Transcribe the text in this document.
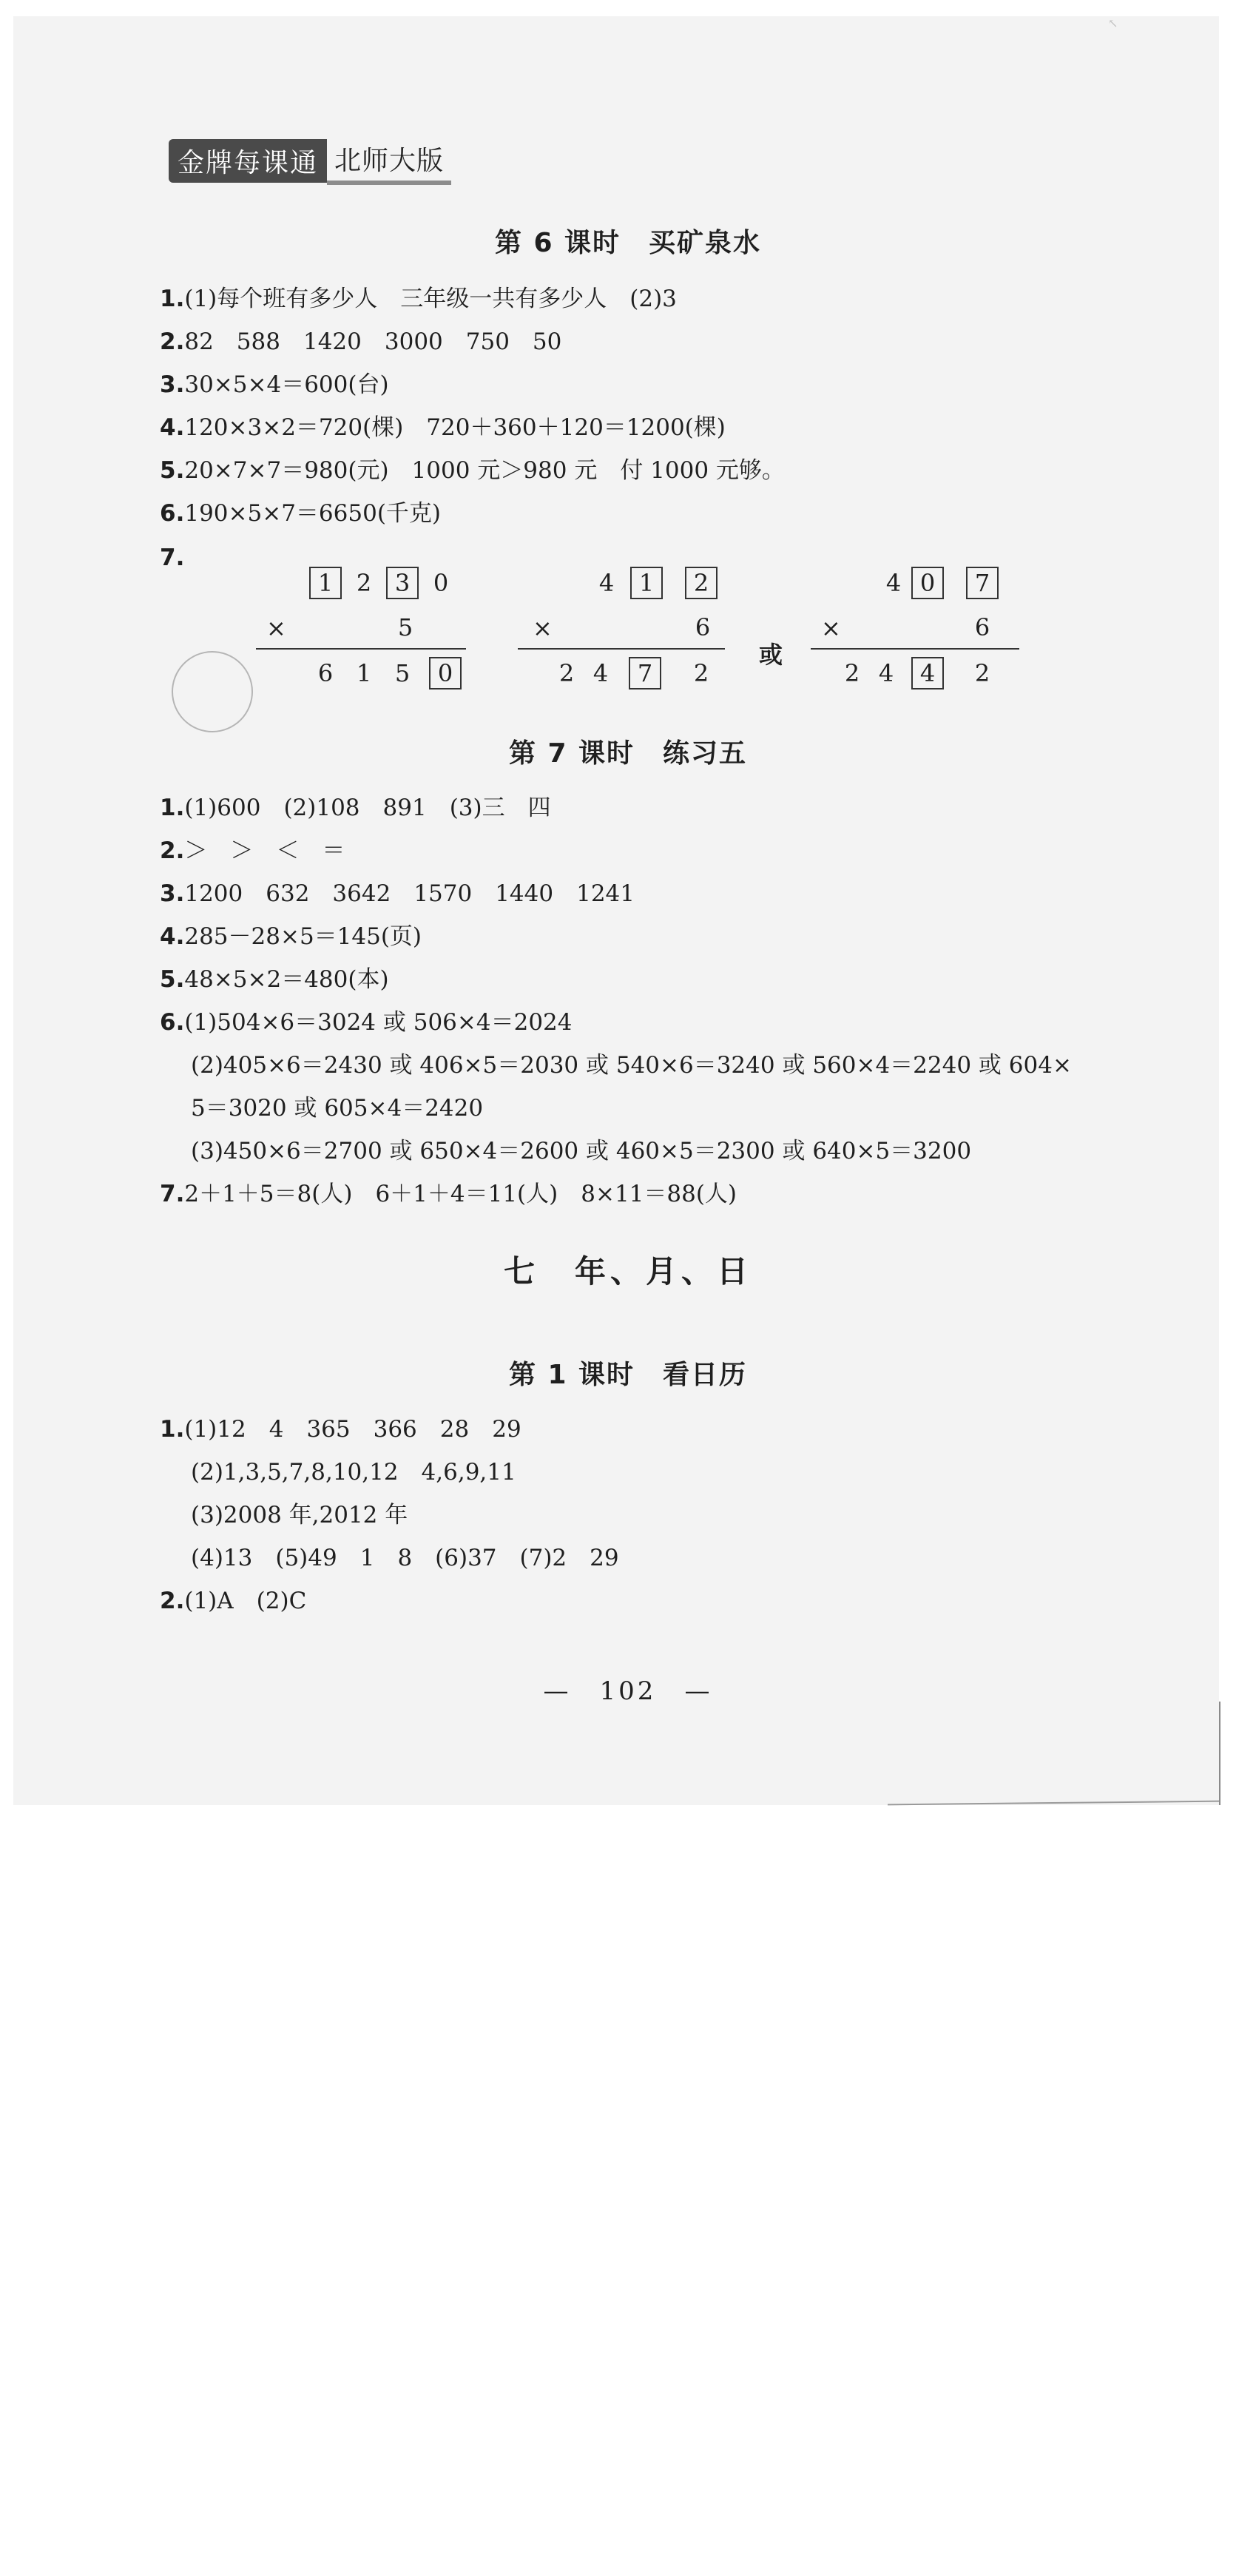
↖
金牌每课通 北师大版
第 6 课时　买矿泉水
1.(1)每个班有多少人　三年级一共有多少人　(2)3
2.82　588　1420　3000　750　50
3.30×5×4＝600(台)
4.120×3×2＝720(棵)　720＋360＋120＝1200(棵)
5.20×7×7＝980(元)　1000 元＞980 元　付 1000 元够。
6.190×5×7＝6650(千克)
7.
1 2 3 0
×	5
6 1 5	0
4	1	2
×	6
2 4	7	2
或
4 0	7
×	6
2 4	4	2
第 7 课时　练习五
1.(1)600　(2)108　891　(3)三　四
2.＞　＞　＜　＝
3.1200　632　3642　1570　1440　1241
4.285－28×5＝145(页)
5.48×5×2＝480(本)
6.(1)504×6＝3024 或 506×4＝2024
(2)405×6＝2430 或 406×5＝2030 或 540×6＝3240 或 560×4＝2240 或 604×
5＝3020 或 605×4＝2420
(3)450×6＝2700 或 650×4＝2600 或 460×5＝2300 或 640×5＝3200
7.2＋1＋5＝8(人)　6＋1＋4＝11(人)　8×11＝88(人)
七　年、月、日
第 1 课时　看日历
1.(1)12　4　365　366　28　29
(2)1,3,5,7,8,10,12　4,6,9,11
(3)2008 年,2012 年
(4)13　(5)49　1　8　(6)37　(7)2　29
2.(1)A　(2)C
—　102　—
